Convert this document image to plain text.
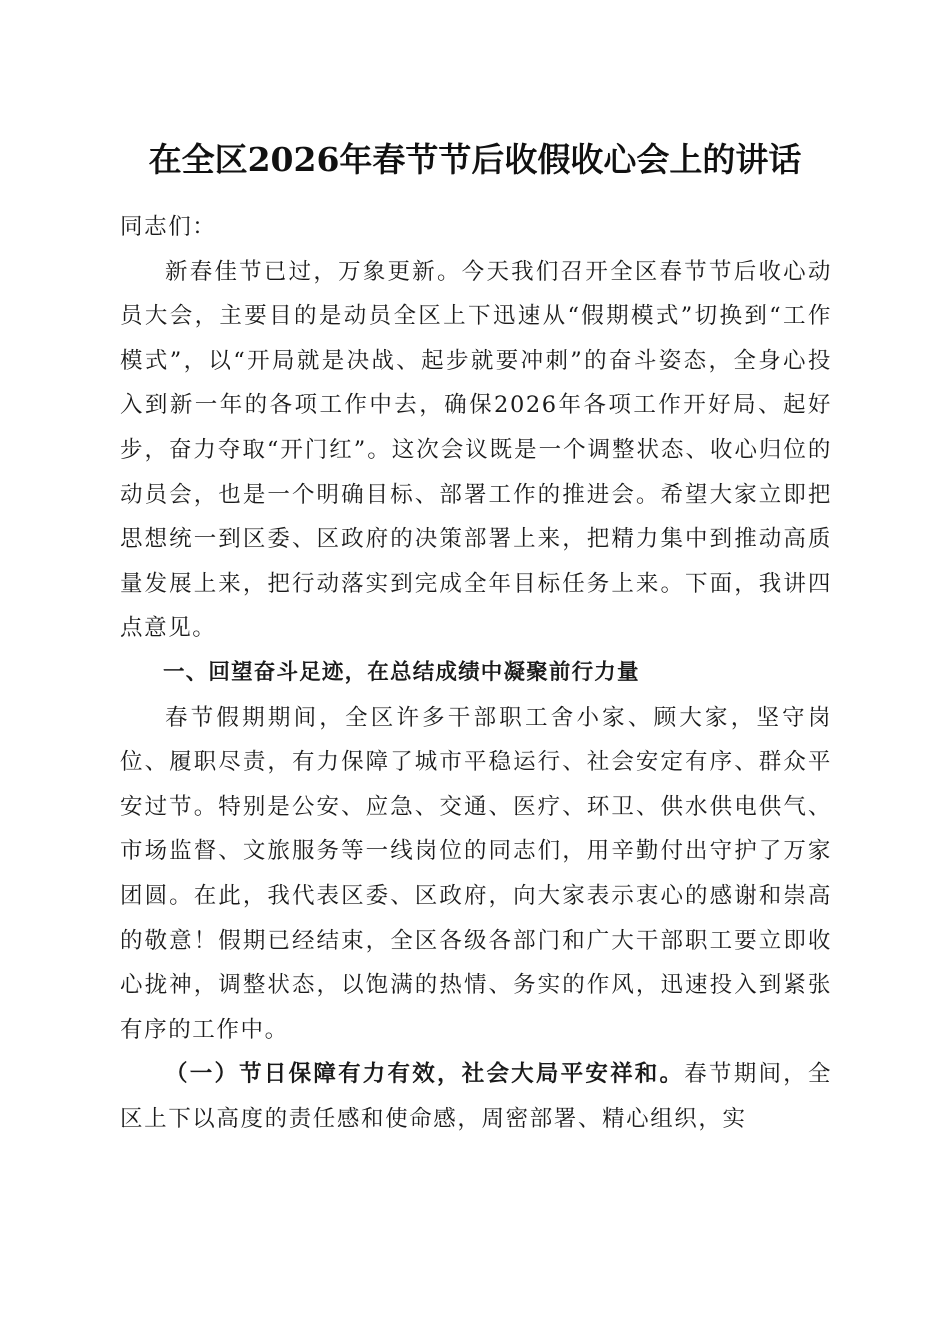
在全区2026年春节节后收假收心会上的讲话

同志们：

新春佳节已过，万象更新。今天我们召开全区春节节后收心动员大会，主要目的是动员全区上下迅速从“假期模式”切换到“工作模式”，以“开局就是决战、起步就要冲刺”的奋斗姿态，全身心投入到新一年的各项工作中去，确保2026年各项工作开好局、起好步，奋力夺取“开门红”。这次会议既是一个调整状态、收心归位的动员会，也是一个明确目标、部署工作的推进会。希望大家立即把思想统一到区委、区政府的决策部署上来，把精力集中到推动高质量发展上来，把行动落实到完成全年目标任务上来。下面，我讲四点意见。

一、回望奋斗足迹，在总结成绩中凝聚前行力量

春节假期期间，全区许多干部职工舍小家、顾大家，坚守岗位、履职尽责，有力保障了城市平稳运行、社会安定有序、群众平安过节。特别是公安、应急、交通、医疗、环卫、供水供电供气、市场监督、文旅服务等一线岗位的同志们，用辛勤付出守护了万家团圆。在此，我代表区委、区政府，向大家表示衷心的感谢和崇高的敬意！假期已经结束，全区各级各部门和广大干部职工要立即收心拢神，调整状态，以饱满的热情、务实的作风，迅速投入到紧张有序的工作中。

（一）节日保障有力有效，社会大局平安祥和。春节期间，全区上下以高度的责任感和使命感，周密部署、精心组织，实
